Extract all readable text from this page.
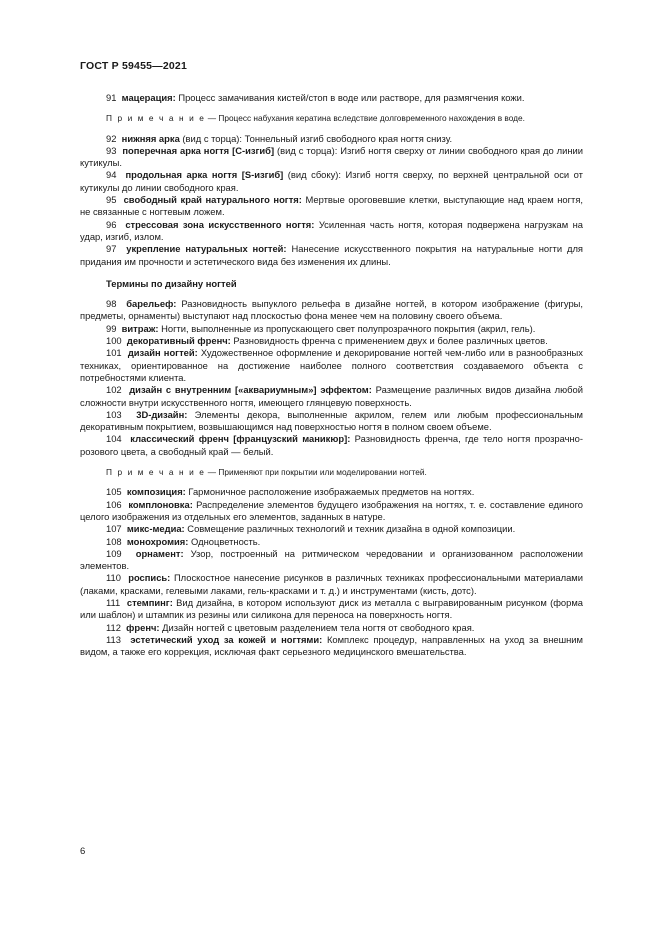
ГОСТ Р 59455—2021

91 мацерация: Процесс замачивания кистей/стоп в воде или растворе, для размягчения кожи.

П р и м е ч а н и е — Процесс набухания кератина вследствие долговременного нахождения в воде.

92 нижняя арка (вид с торца): Тоннельный изгиб свободного края ногтя снизу.

93 поперечная арка ногтя [С-изгиб] (вид с торца): Изгиб ногтя сверху от линии свободного края до линии кутикулы.

94 продольная арка ногтя [S-изгиб] (вид сбоку): Изгиб ногтя сверху, по верхней центральной оси от кутикулы до линии свободного края.

95 свободный край натурального ногтя: Мертвые ороговевшие клетки, выступающие над краем ногтя, не связанные с ногтевым ложем.

96 стрессовая зона искусственного ногтя: Усиленная часть ногтя, которая подвержена нагрузкам на удар, изгиб, излом.

97 укрепление натуральных ногтей: Нанесение искусственного покрытия на натуральные ногти для придания им прочности и эстетического вида без изменения их длины.

Термины по дизайну ногтей

98 барельеф: Разновидность выпуклого рельефа в дизайне ногтей, в котором изображение (фигуры, предметы, орнаменты) выступают над плоскостью фона менее чем на половину своего объема.

99 витраж: Ногти, выполненные из пропускающего свет полупрозрачного покрытия (акрил, гель).

100 декоративный френч: Разновидность френча с применением двух и более различных цветов.

101 дизайн ногтей: Художественное оформление и декорирование ногтей чем-либо или в разнообразных техниках, ориентированное на достижение наиболее полного соответствия создаваемого объекта с потребностями клиента.

102 дизайн с внутренним [«аквариумным»] эффектом: Размещение различных видов дизайна любой сложности внутри искусственного ногтя, имеющего глянцевую поверхность.

103 3D-дизайн: Элементы декора, выполненные акрилом, гелем или любым профессиональным декоративным покрытием, возвышающимся над поверхностью ногтя в полном своем объеме.

104 классический френч [французский маникюр]: Разновидность френча, где тело ногтя прозрачно-розового цвета, а свободный край — белый.

П р и м е ч а н и е — Применяют при покрытии или моделировании ногтей.

105 композиция: Гармоничное расположение изображаемых предметов на ногтях.

106 комплоновка: Распределение элементов будущего изображения на ногтях, т. е. составление единого целого изображения из отдельных его элементов, заданных в натуре.

107 микс-медиа: Совмещение различных технологий и техник дизайна в одной композиции.

108 монохромия: Одноцветность.

109 орнамент: Узор, построенный на ритмическом чередовании и организованном расположении элементов.

110 роспись: Плоскостное нанесение рисунков в различных техниках профессиональными материалами (лаками, красками, гелевыми лаками, гель-красками и т. д.) и инструментами (кисть, дотс).

111 стемпинг: Вид дизайна, в котором используют диск из металла с выгравированным рисунком (форма или шаблон) и штампик из резины или силикона для переноса на поверхность ногтя.

112 френч: Дизайн ногтей с цветовым разделением тела ногтя от свободного края.

113 эстетический уход за кожей и ногтями: Комплекс процедур, направленных на уход за внешним видом, а также его коррекция, исключая факт серьезного медицинского вмешательства.

6
